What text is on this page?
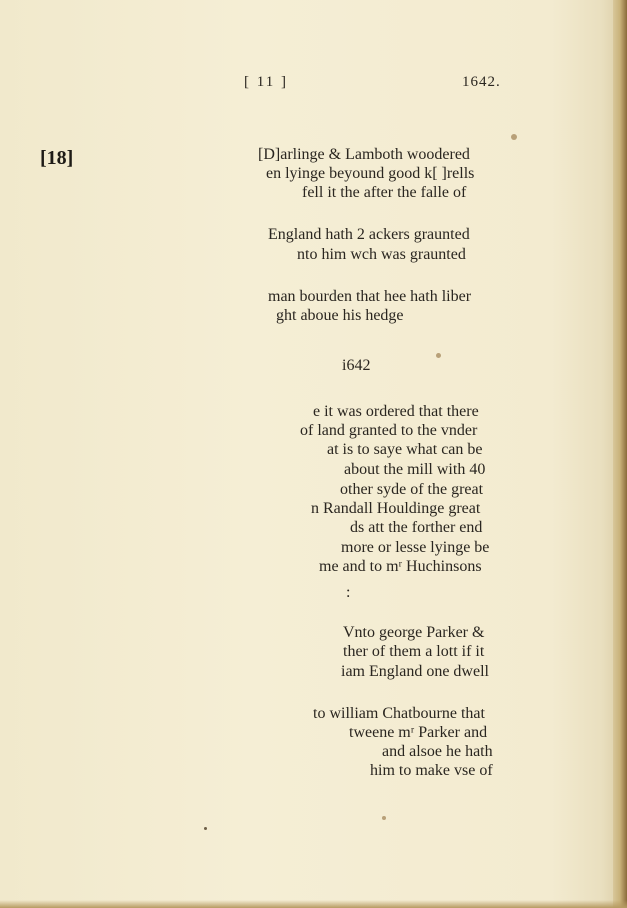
[ 11 ]	1642.
[18]	[D]arlinge & Lamboth woodered
en lyinge beyound good k[ ]rells
fell it the after the falle of
England hath 2 ackers graunted
nto him wch was graunted
man bourden that hee hath liber
ght aboue his hedge
i642
e it was ordered that there
of land granted to the vnder
at is to saye what can be
about the mill with 40
other syde of the great
n Randall Houldinge great
ds att the forther end
more or lesse lyinge be
me and to mʳ Huchinsons
:
Vnto george Parker &
ther of them a lott if it
iam England one dwell
to william Chatbourne that
tweene mʳ Parker and
and alsoe he hath
him to make vse of
